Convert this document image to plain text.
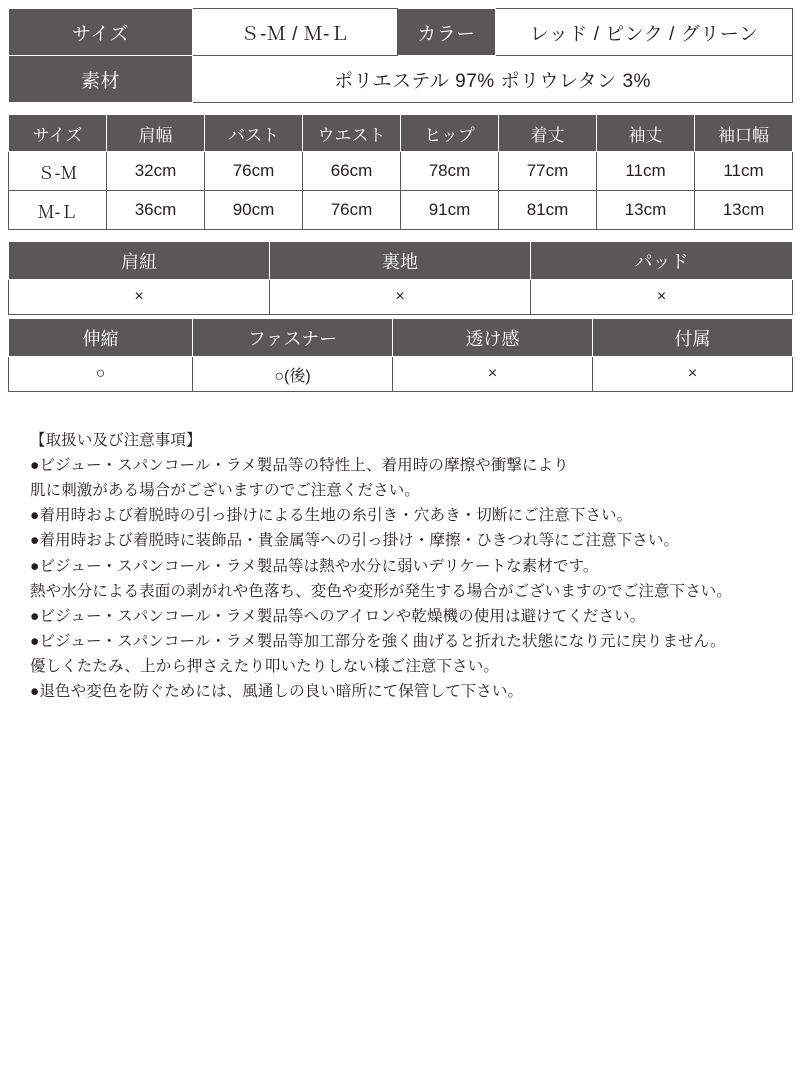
サイズ	Ｓ-Ｍ / Ｍ-Ｌ	カラー	レッド / ピンク / グリーン
素材	ポリエステル 97% ポリウレタン 3%		
サイズ	肩幅	バスト	ウエスト	ヒップ	着丈	袖丈	袖口幅
Ｓ-Ｍ	32cm	76cm	66cm	78cm	77cm	11cm	11cm
Ｍ-Ｌ	36cm	90cm	76cm	91cm	81cm	13cm	13cm
肩紐	裏地	パッド
×	×	×
伸縮	ファスナー	透け感	付属
○	○(後)	×	×
【取扱い及び注意事項】
●ビジュー・スパンコール・ラメ製品等の特性上、着用時の摩擦や衝撃により
肌に刺激がある場合がございますのでご注意ください。
●着用時および着脱時の引っ掛けによる生地の糸引き・穴あき・切断にご注意下さい。
●着用時および着脱時に装飾品・貴金属等への引っ掛け・摩擦・ひきつれ等にご注意下さい。
●ビジュー・スパンコール・ラメ製品等は熱や水分に弱いデリケートな素材です。
熱や水分による表面の剥がれや色落ち、変色や変形が発生する場合がございますのでご注意下さい。
●ビジュー・スパンコール・ラメ製品等へのアイロンや乾燥機の使用は避けてください。
●ビジュー・スパンコール・ラメ製品等加工部分を強く曲げると折れた状態になり元に戻りません。
優しくたたみ、上から押さえたり叩いたりしない様ご注意下さい。
●退色や変色を防ぐためには、風通しの良い暗所にて保管して下さい。
